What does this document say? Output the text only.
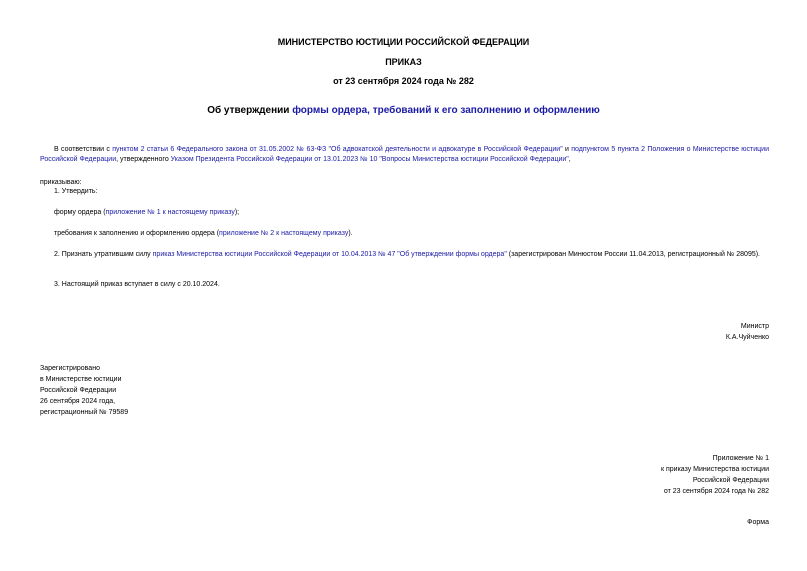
МИНИСТЕРСТВО ЮСТИЦИИ РОССИЙСКОЙ ФЕДЕРАЦИИ
ПРИКАЗ
от 23 сентября 2024 года № 282
Об утверждении формы ордера, требований к его заполнению и оформлению
В соответствии с пунктом 2 статьи 6 Федерального закона от 31.05.2002 № 63-ФЗ "Об адвокатской деятельности и адвокатуре в Российской Федерации" и подпунктом 5 пункта 2 Положения о Министерстве юстиции Российской Федерации, утвержденного Указом Президента Российской Федерации от 13.01.2023 № 10 "Вопросы Министерства юстиции Российской Федерации",
приказываю:
1. Утвердить:
форму ордера (приложение № 1 к настоящему приказу);
требования к заполнению и оформлению ордера (приложение № 2 к настоящему приказу).
2. Признать утратившим силу приказ Министерства юстиции Российской Федерации от 10.04.2013 № 47 "Об утверждении формы ордера" (зарегистрирован Минюстом России 11.04.2013, регистрационный № 28095).
3. Настоящий приказ вступает в силу с 20.10.2024.
Министр
К.А.Чуйченко
Зарегистрировано
в Министерстве юстиции
Российской Федерации
26 сентября 2024 года,
регистрационный № 79589
Приложение № 1
к приказу Министерства юстиции
Российской Федерации
от 23 сентября 2024 года № 282
Форма
